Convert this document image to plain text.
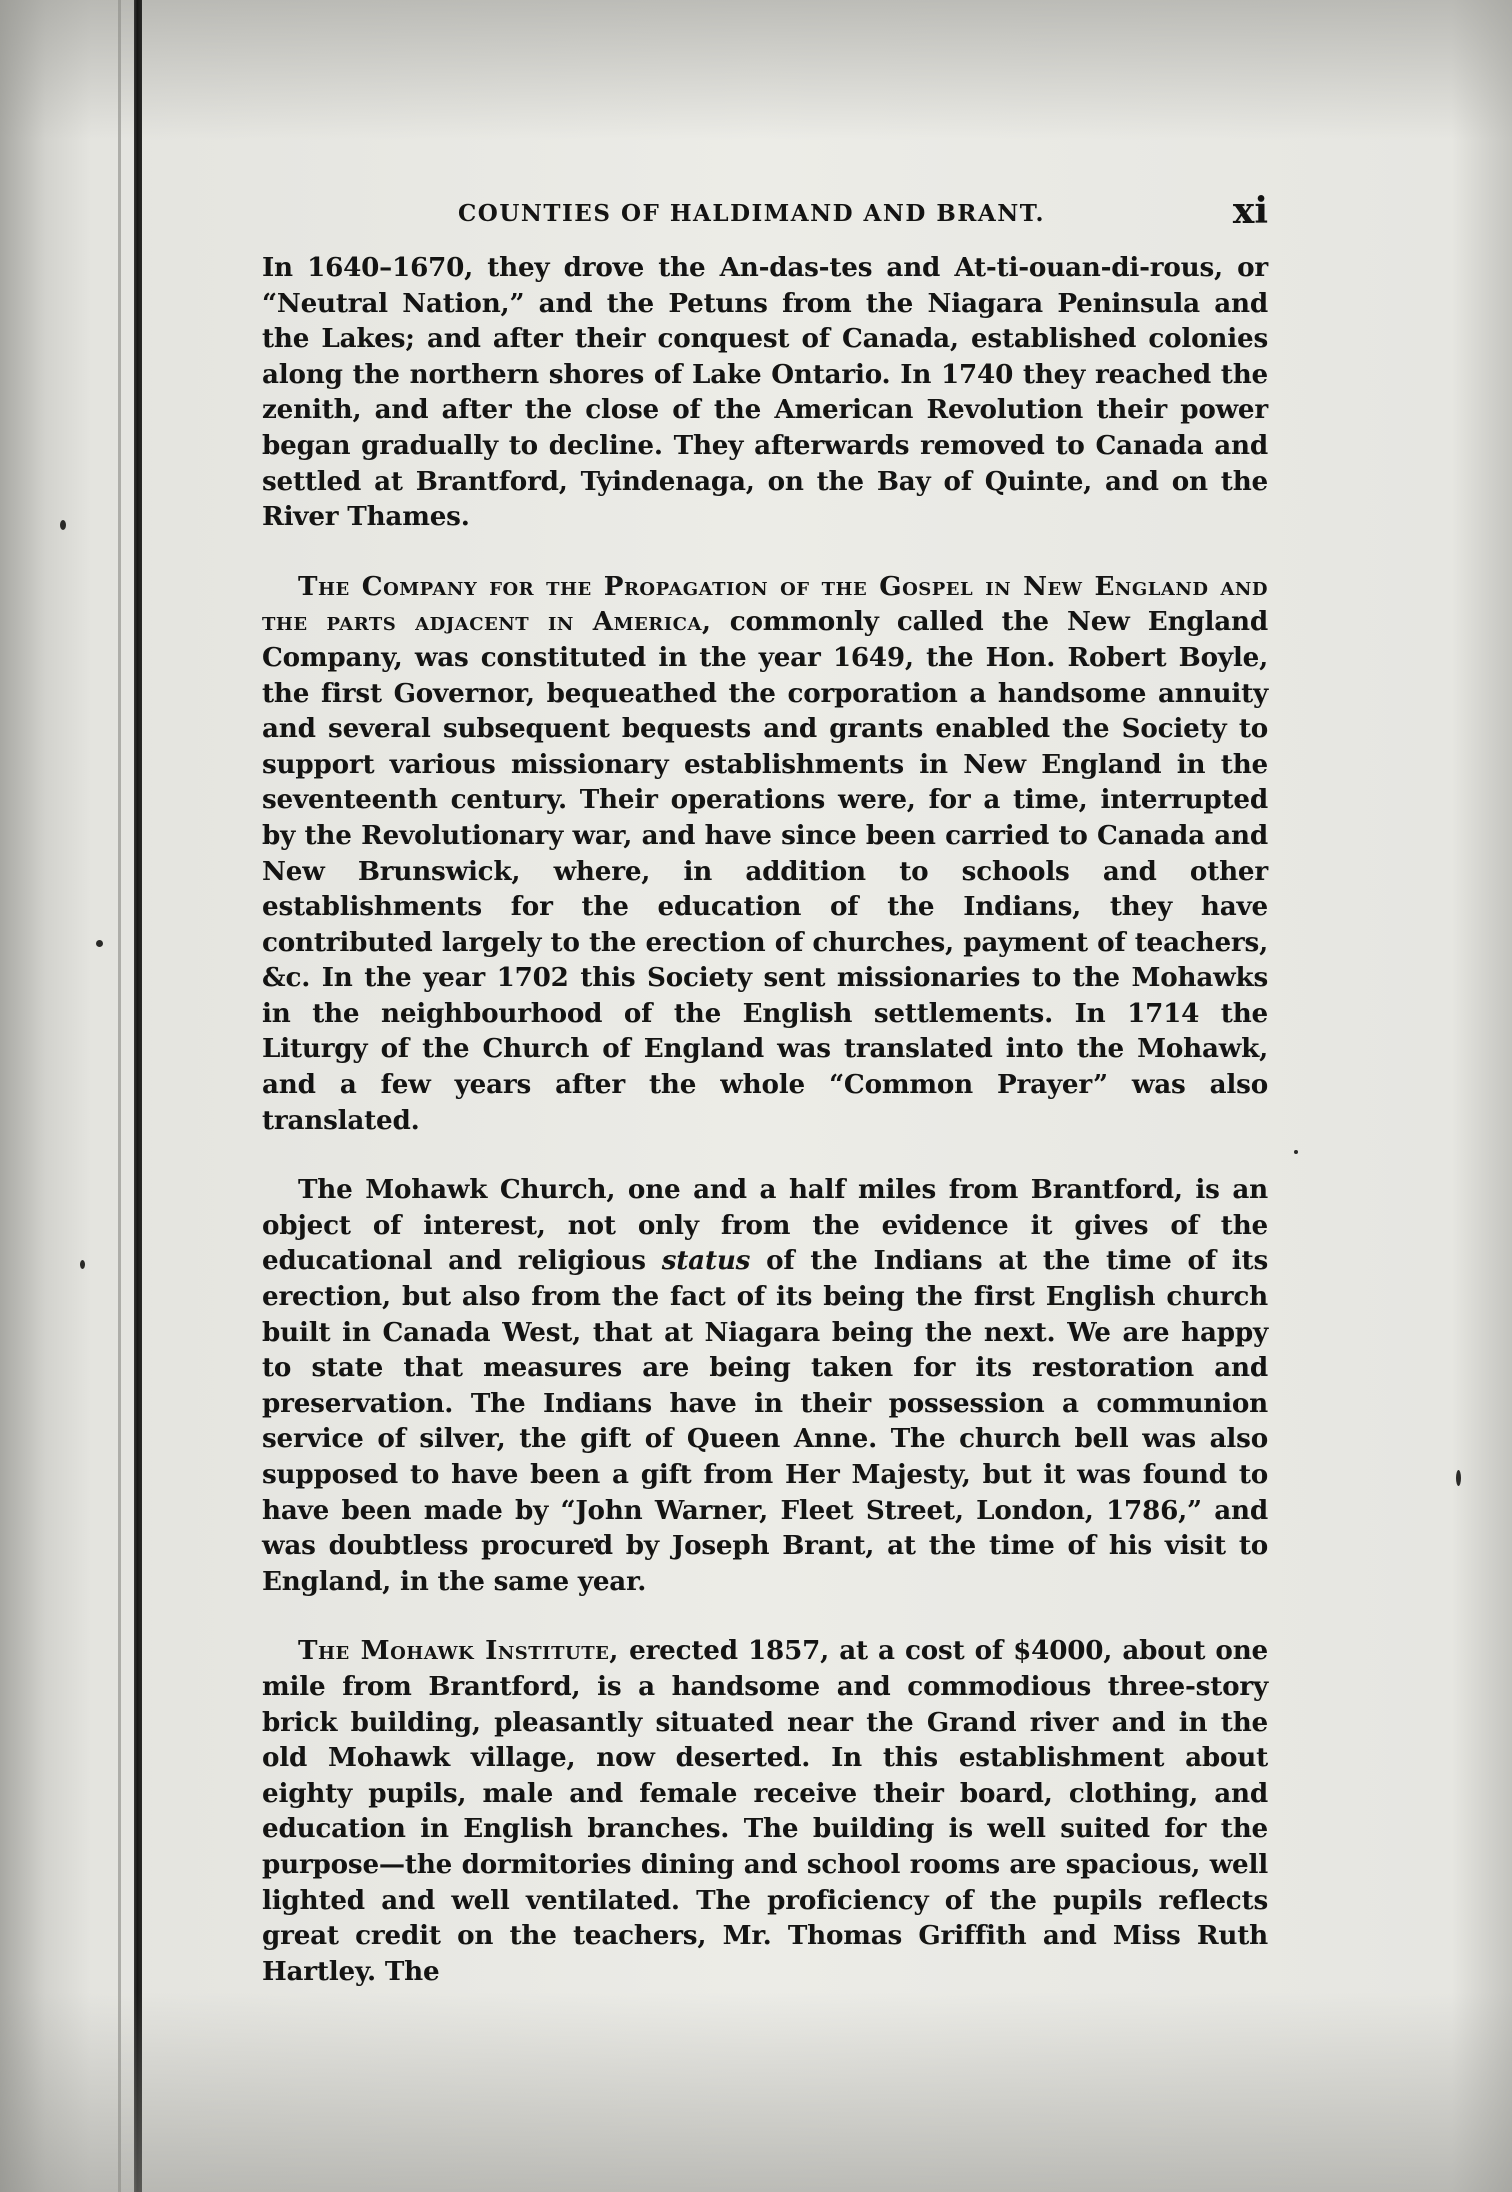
COUNTIES OF HALDIMAND AND BRANT.	xi

In 1640–1670, they drove the An-das-tes and At-ti-ouan-di-rous, or “Neutral Nation,” and the Petuns from the Niagara Peninsula and the Lakes; and after their conquest of Canada, established colonies along the northern shores of Lake Ontario. In 1740 they reached the zenith, and after the close of the American Revolution their power began gradually to decline. They afterwards removed to Canada and settled at Brantford, Tyindenaga, on the Bay of Quinte, and on the River Thames.

The Company for the Propagation of the Gospel in New England and the parts adjacent in America, commonly called the New England Company, was constituted in the year 1649, the Hon. Robert Boyle, the first Governor, bequeathed the corporation a handsome annuity and several subsequent bequests and grants enabled the Society to support various missionary establishments in New England in the seventeenth century. Their operations were, for a time, interrupted by the Revolutionary war, and have since been carried to Canada and New Brunswick, where, in addition to schools and other establishments for the education of the Indians, they have contributed largely to the erection of churches, payment of teachers, &c. In the year 1702 this Society sent missionaries to the Mohawks in the neighbourhood of the English settlements. In 1714 the Liturgy of the Church of England was translated into the Mohawk, and a few years after the whole “Common Prayer” was also translated.

The Mohawk Church, one and a half miles from Brantford, is an object of interest, not only from the evidence it gives of the educational and religious status of the Indians at the time of its erection, but also from the fact of its being the first English church built in Canada West, that at Niagara being the next. We are happy to state that measures are being taken for its restoration and preservation. The Indians have in their possession a communion service of silver, the gift of Queen Anne. The church bell was also supposed to have been a gift from Her Majesty, but it was found to have been made by “John Warner, Fleet Street, London, 1786,” and was doubtless procured by Joseph Brant, at the time of his visit to England, in the same year.

The Mohawk Institute, erected 1857, at a cost of $4000, about one mile from Brantford, is a handsome and commodious three-story brick building, pleasantly situated near the Grand river and in the old Mohawk village, now deserted. In this establishment about eighty pupils, male and female receive their board, clothing, and education in English branches. The building is well suited for the purpose—the dormitories dining and school rooms are spacious, well lighted and well ventilated. The proficiency of the pupils reflects great credit on the teachers, Mr. Thomas Griffith and Miss Ruth Hartley. The
